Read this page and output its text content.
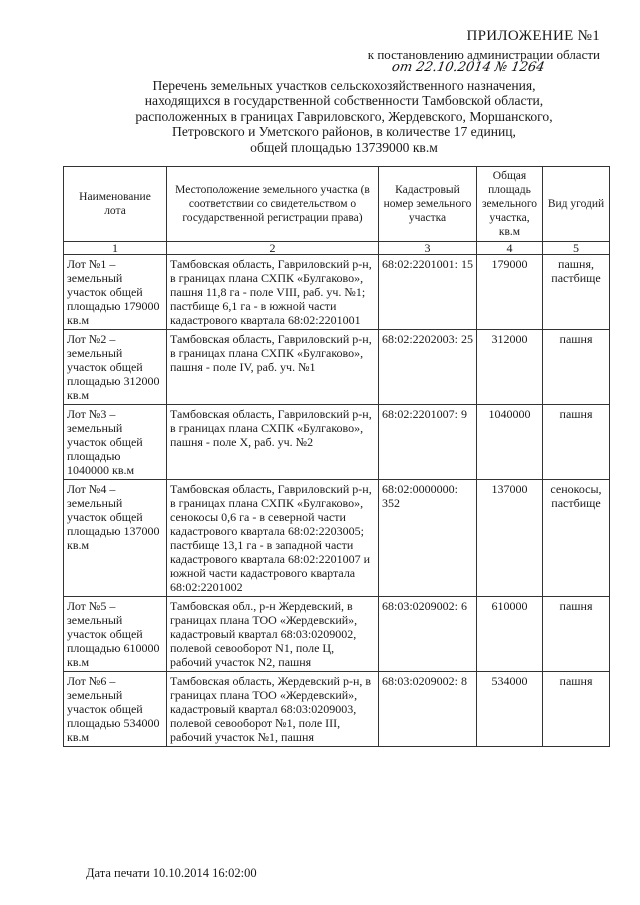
ПРИЛОЖЕНИЕ №1
к постановлению администрации области
от 22.10.2014 № 1264
Перечень земельных участков сельскохозяйственного назначения,
находящихся в государственной собственности Тамбовской области,
расположенных в границах Гавриловского, Жердевского, Моршанского,
Петровского и Уметского районов, в количестве 17 единиц,
общей площадью 13739000 кв.м
Наименование лота	Местоположение земельного участка (в соответствии со свидетельством о государственной регистрации права)	Кадастровый номер земельного участка	Общая площадь земельного участка, кв.м	Вид угодий
1	2	3	4	5
Лот №1 – земельный участок общей площадью 179000 кв.м	Тамбовская область, Гавриловский р-н, в границах плана СХПК «Булгаково», пашня 11,8 га - поле VIII, раб. уч. №1; пастбище 6,1 га - в южной части кадастрового квартала 68:02:2201001	68:02:2201001: 15	179000	пашня, пастбище
Лот №2 – земельный участок общей площадью 312000 кв.м	Тамбовская область, Гавриловский р-н, в границах плана СХПК «Булгаково», пашня - поле IV, раб. уч. №1	68:02:2202003: 25	312000	пашня
Лот №3 – земельный участок общей площадью 1040000 кв.м	Тамбовская область, Гавриловский р-н, в границах плана СХПК «Булгаково», пашня - поле X, раб. уч. №2	68:02:2201007: 9	1040000	пашня
Лот №4 – земельный участок общей площадью 137000 кв.м	Тамбовская область, Гавриловский р-н, в границах плана СХПК «Булгаково», сенокосы 0,6 га - в северной части кадастрового квартала 68:02:2203005; пастбище 13,1 га - в западной части кадастрового квартала 68:02:2201007 и южной части кадастрового квартала 68:02:2201002	68:02:0000000: 352	137000	сенокосы, пастбище
Лот №5 – земельный участок общей площадью 610000 кв.м	Тамбовская обл., р-н Жердевский, в границах плана ТОО «Жердевский», кадастровый квартал 68:03:0209002, полевой севооборот N1, поле Ц, рабочий участок N2, пашня	68:03:0209002: 6	610000	пашня
Лот №6 – земельный участок общей площадью 534000 кв.м	Тамбовская область, Жердевский р-н, в границах плана ТОО «Жердевский», кадастровый квартал 68:03:0209003, полевой севооборот №1, поле III, рабочий участок №1, пашня	68:03:0209002: 8	534000	пашня
Дата печати 10.10.2014 16:02:00
